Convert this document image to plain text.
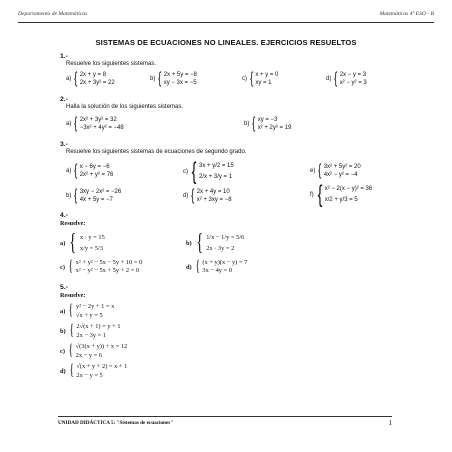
Departamento de Matemáticas	Matemáticas 4º ESO - B
SISTEMAS DE ECUACIONES NO LINEALES. EJERCICIOS RESUELTOS
1.-
Resuelve los siguientes sistemas.
a) { 2x + y = 8
2x + 3y² = 22
b) { 2x + 5y = −8
xy − 3x = −5
c) { x + y = 0
xy = 1
d) { 2x − y = 3
x² − y² = 3
2.-
Halla la solución de los siguientes sistemas.
a) { 2x² + 3y² = 32
−3x² + 4y² = −48
b) { xy = −3
x² + 2y² = 19
3.-
Resuelve los siguientes sistemas de ecuaciones de segundo grado.
a) { x − 6y = −6
2x² + y² = 76	c) { 3x + y/2 = 15
2/x + 3/y = 1
e) { 3x² + 5y² = 20
4x² − y² = −4
b) { 3xy − 2x² = −26
4x + 5y = −7
d) { 2x + 4y = 10
x² + 3xy = −8
f) { x² − 2(x − y)² = 36
x/2 + y/3 = 5
4.-
Resuelve:
a) { x · y = 15
x/y = 5/3
b) { 1/x − 1/y = 5/6
2x · 3y = 2
c) { x² + y² − 5x − 5y + 10 = 0
x² − y² − 5x + 5y + 2 = 0	d) { (x + y)(x − y) = 7
3x − 4y = 0
5.-
Resuelve:
a) { y² − 2y + 1 = x
√x + y = 5
b) { 2√(x + 1) = y + 1
2x − 3y = 1
c) { √(3(x + y)) + x = 12
2x − y = 6
d) { √(x + y + 2) = x + 1
2x − y = 5
UNIDAD DIDÁCTICA 5: "Sistemas de ecuaciones"	1
